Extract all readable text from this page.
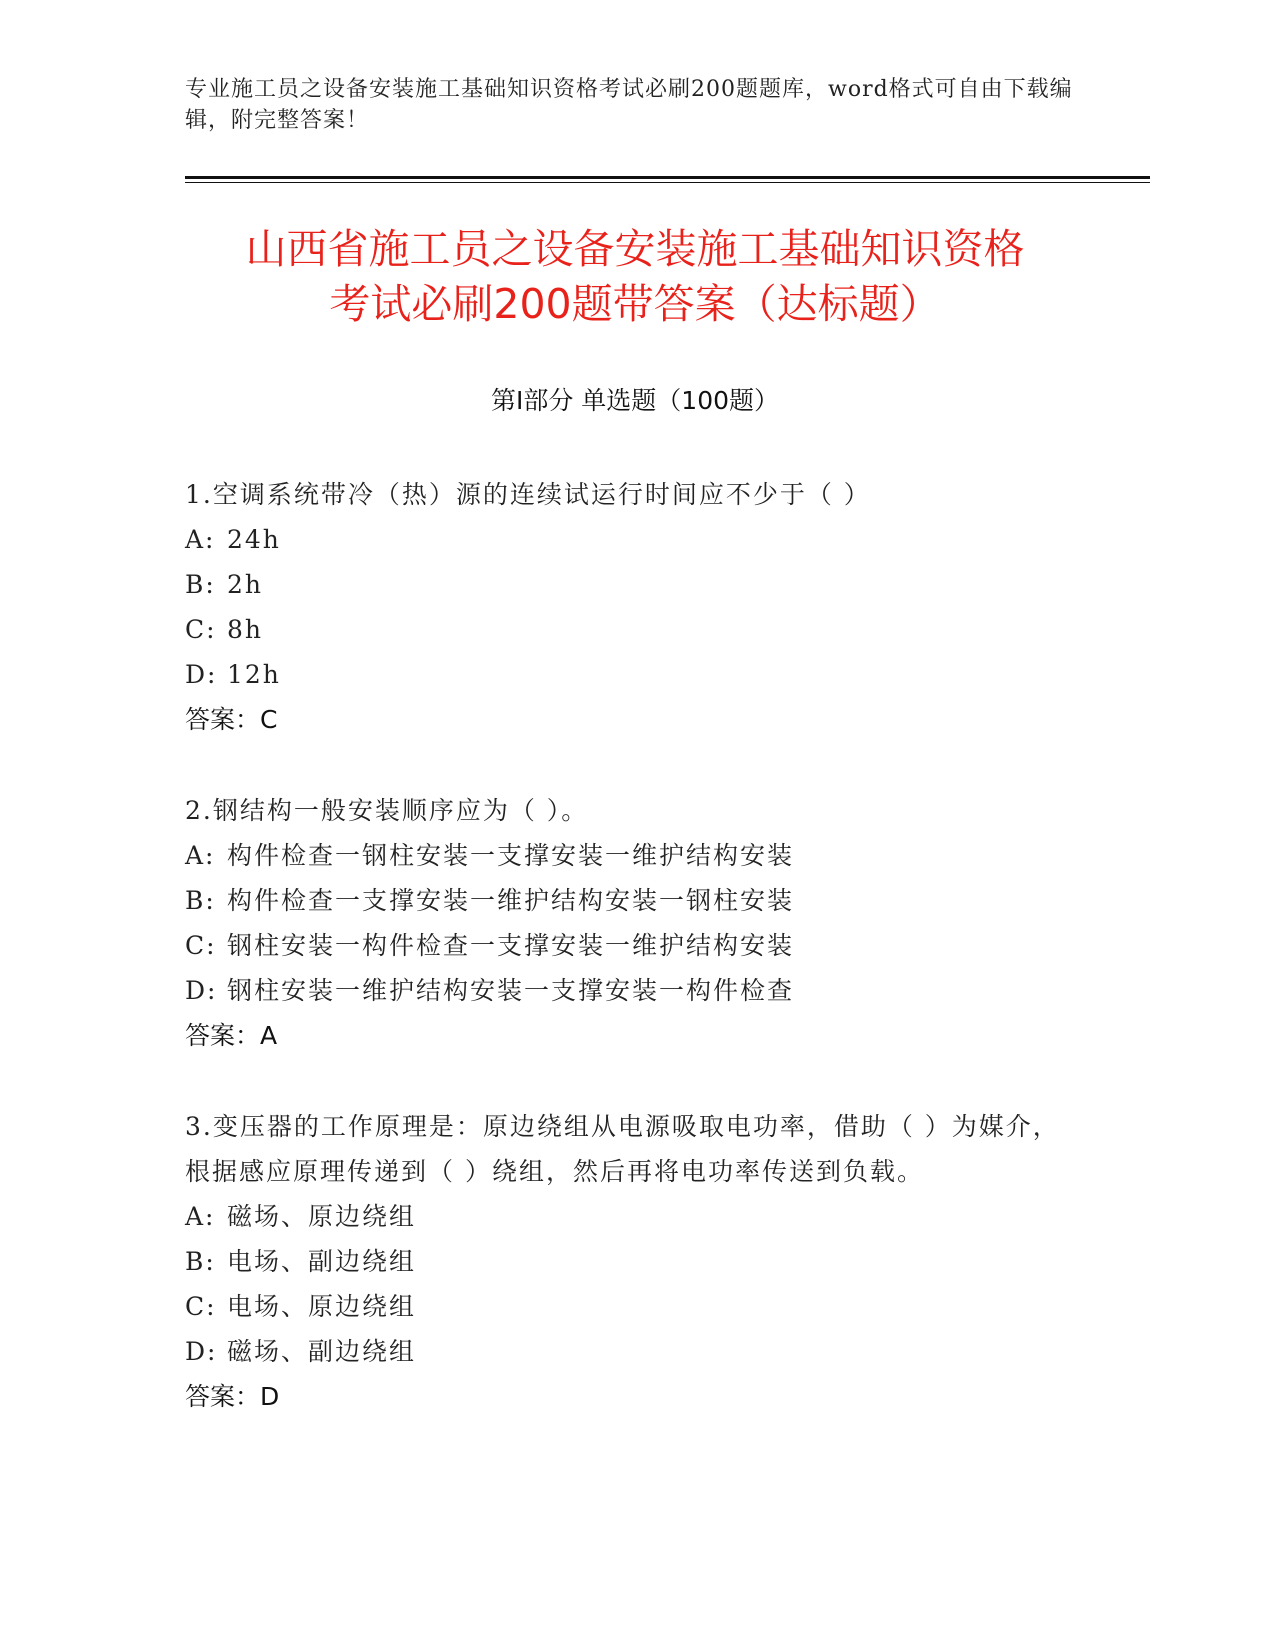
专业施工员之设备安装施工基础知识资格考试必刷200题题库，word格式可自由下载编辑，附完整答案！
山西省施工员之设备安装施工基础知识资格
考试必刷200题带答案（达标题）
第Ⅰ部分 单选题（100题）
1.空调系统带冷（热）源的连续试运行时间应不少于（ ）
A: 24h
B: 2h
C: 8h
D: 12h
答案：C
2.钢结构一般安装顺序应为（ ）。
A: 构件检查一钢柱安装一支撑安装一维护结构安装
B: 构件检查一支撑安装一维护结构安装一钢柱安装
C: 钢柱安装一构件检查一支撑安装一维护结构安装
D: 钢柱安装一维护结构安装一支撑安装一构件检查
答案：A
3.变压器的工作原理是：原边绕组从电源吸取电功率，借助（ ）为媒介，根据感应原理传递到（ ）绕组，然后再将电功率传送到负载。
A: 磁场、原边绕组
B: 电场、副边绕组
C: 电场、原边绕组
D: 磁场、副边绕组
答案：D
